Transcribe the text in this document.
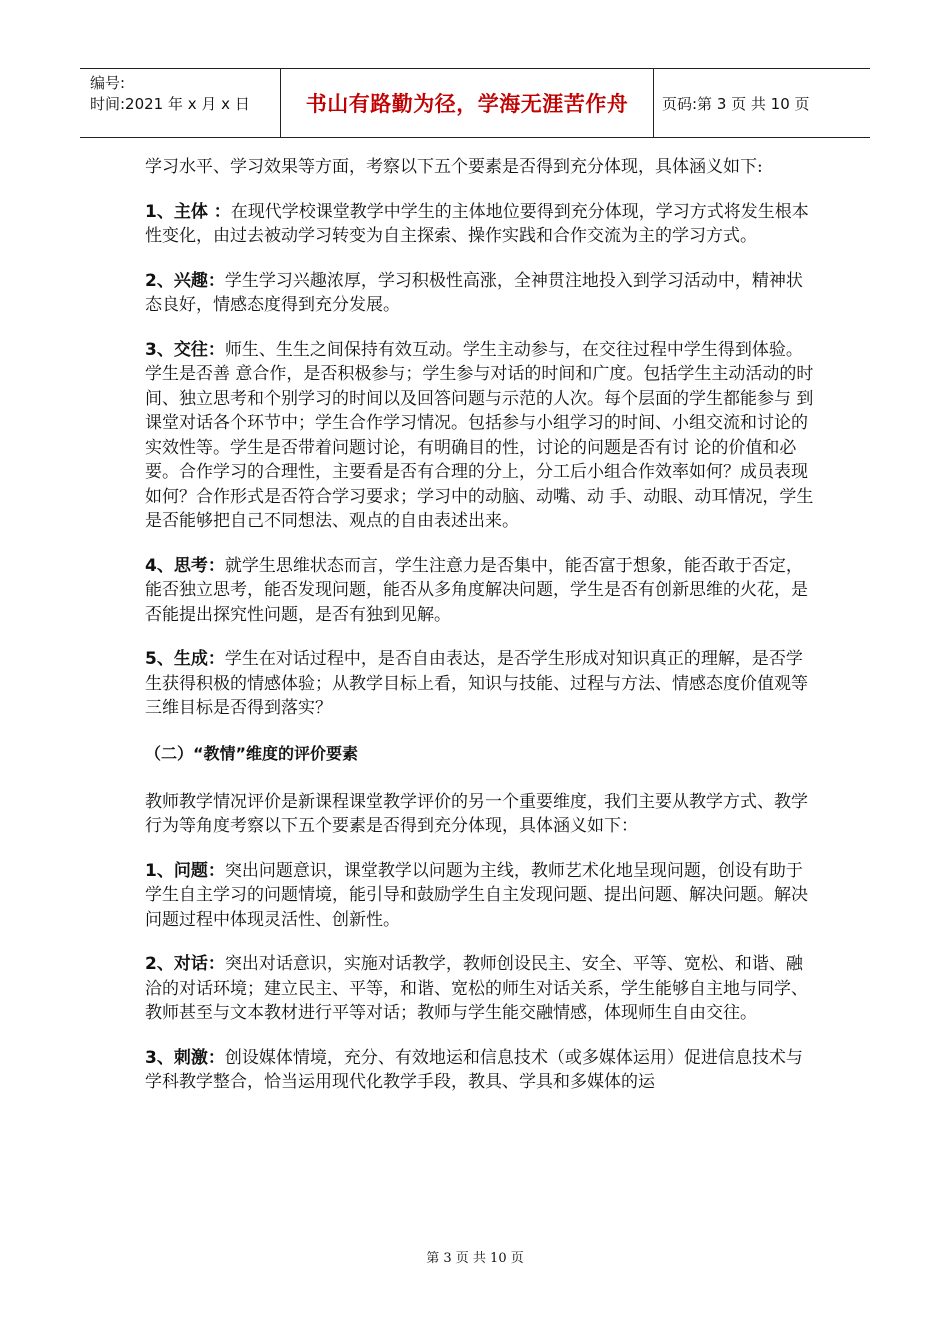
编号:
时间:2021 年 x 月 x 日	书山有路勤为径，学海无涯苦作舟	页码:第 3 页 共 10 页

学习水平、学习效果等方面，考察以下五个要素是否得到充分体现，具体涵义如下:

1、主体 ：在现代学校课堂教学中学生的主体地位要得到充分体现，学习方式将发生根本性变化，由过去被动学习转变为自主探索、操作实践和合作交流为主的学习方式。

2、兴趣：学生学习兴趣浓厚，学习积极性高涨，全神贯注地投入到学习活动中，精神状态良好，情感态度得到充分发展。

3、交往：师生、生生之间保持有效互动。学生主动参与，在交往过程中学生得到体验。学生是否善 意合作，是否积极参与；学生参与对话的时间和广度。包括学生主动活动的时间、独立思考和个别学习的时间以及回答问题与示范的人次。每个层面的学生都能参与 到课堂对话各个环节中；学生合作学习情况。包括参与小组学习的时间、小组交流和讨论的实效性等。学生是否带着问题讨论，有明确目的性，讨论的问题是否有讨 论的价值和必要。合作学习的合理性，主要看是否有合理的分上，分工后小组合作效率如何？成员表现如何？合作形式是否符合学习要求；学习中的动脑、动嘴、动 手、动眼、动耳情况，学生是否能够把自己不同想法、观点的自由表述出来。

4、思考：就学生思维状态而言，学生注意力是否集中，能否富于想象，能否敢于否定，能否独立思考，能否发现问题，能否从多角度解决问题，学生是否有创新思维的火花，是否能提出探究性问题，是否有独到见解。

5、生成：学生在对话过程中，是否自由表达，是否学生形成对知识真正的理解，是否学生获得积极的情感体验；从教学目标上看，知识与技能、过程与方法、情感态度价值观等三维目标是否得到落实？

（二）“教情”维度的评价要素

教师教学情况评价是新课程课堂教学评价的另一个重要维度，我们主要从教学方式、教学行为等角度考察以下五个要素是否得到充分体现，具体涵义如下：

1、问题：突出问题意识，课堂教学以问题为主线，教师艺术化地呈现问题，创设有助于学生自主学习的问题情境，能引导和鼓励学生自主发现问题、提出问题、解决问题。解决问题过程中体现灵活性、创新性。

2、对话：突出对话意识，实施对话教学，教师创设民主、安全、平等、宽松、和谐、融洽的对话环境；建立民主、平等，和谐、宽松的师生对话关系，学生能够自主地与同学、教师甚至与文本教材进行平等对话；教师与学生能交融情感，体现师生自由交往。

3、刺激：创设媒体情境，充分、有效地运和信息技术（或多媒体运用）促进信息技术与学科教学整合，恰当运用现代化教学手段，教具、学具和多媒体的运

第 3 页 共 10 页
